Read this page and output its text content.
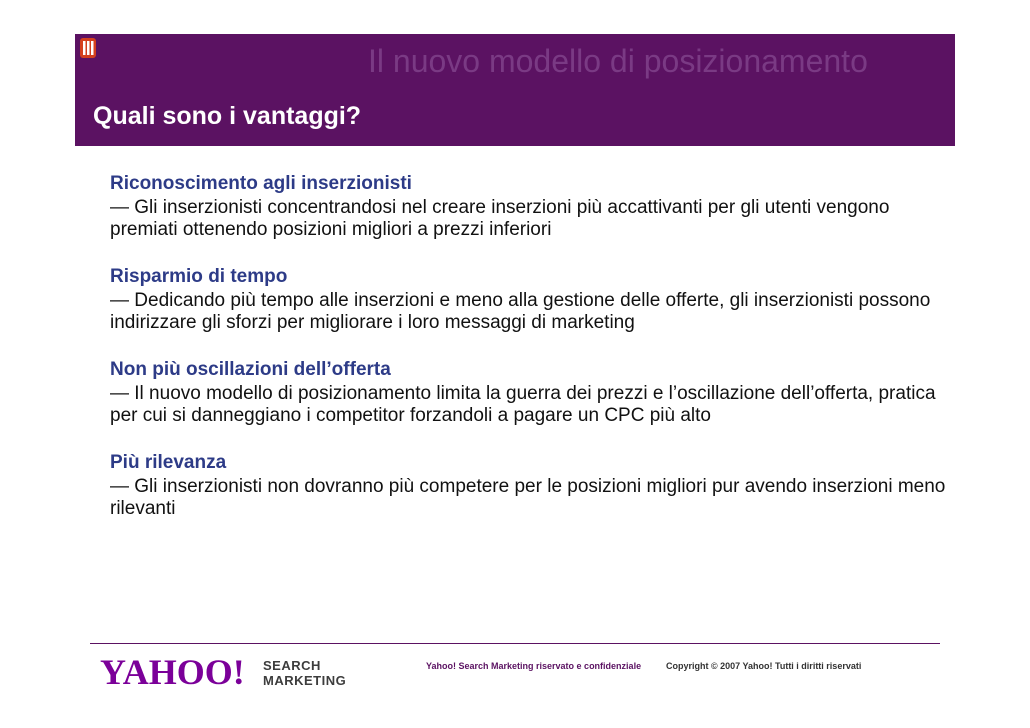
Il nuovo modello di posizionamento
Quali sono i vantaggi?
Riconoscimento agli inserzionisti
— Gli inserzionisti concentrandosi nel creare inserzioni più accattivanti per gli utenti vengono premiati ottenendo posizioni migliori a prezzi inferiori
Risparmio di tempo
— Dedicando più tempo alle inserzioni e meno alla gestione delle offerte, gli inserzionisti possono indirizzare gli sforzi per migliorare i loro messaggi di marketing
Non più oscillazioni dell’offerta
— Il nuovo modello di posizionamento limita la guerra dei prezzi e l’oscillazione dell’offerta, pratica per cui si danneggiano i competitor forzandoli a pagare un CPC più alto
Più rilevanza
— Gli inserzionisti non dovranno più competere per le posizioni migliori pur avendo inserzioni meno rilevanti
YAHOO! SEARCH
MARKETING
Yahoo! Search Marketing riservato e confidenziale	Copyright © 2007 Yahoo! Tutti i diritti riservati
